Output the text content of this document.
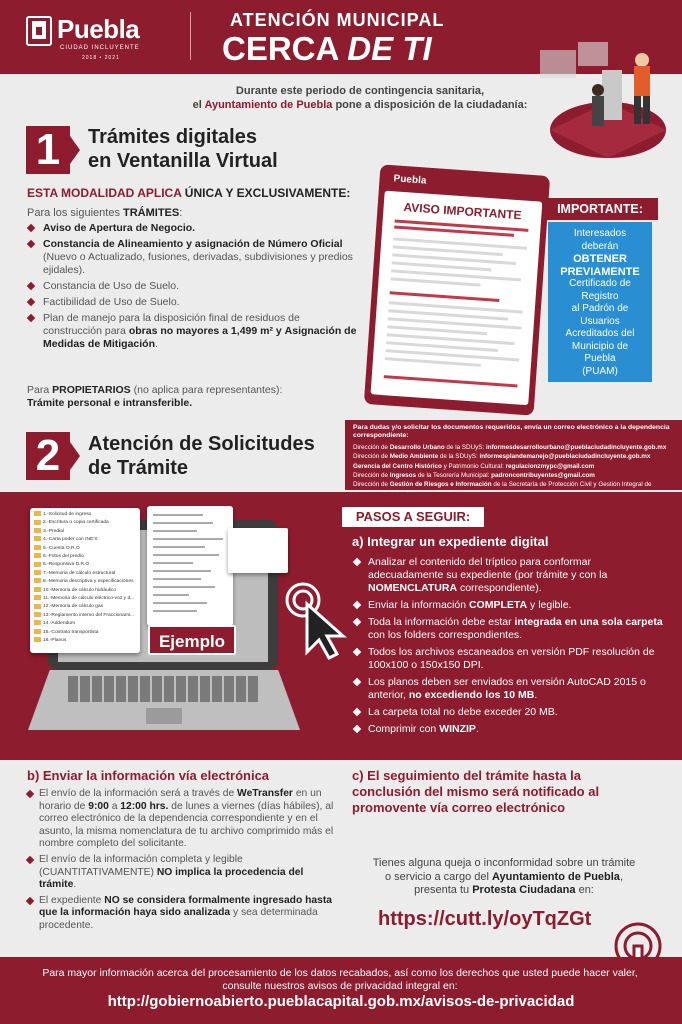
Puebla
CIUDAD INCLUYENTE
2018 • 2021
ATENCIÓN MUNICIPAL
CERCA DE TI
Durante este periodo de contingencia sanitaria,
el Ayuntamiento de Puebla pone a disposición de la ciudadanía:
1	Trámites digitales
en Ventanilla Virtual
ESTA MODALIDAD APLICA ÚNICA Y EXCLUSIVAMENTE:
Para los siguientes TRÁMITES:
Aviso de Apertura de Negocio.
Constancia de Alineamiento y asignación de Número Oficial
(Nuevo o Actualizado, fusiones, derivadas, subdivisiones y predios ejidales).
Constancia de Uso de Suelo.
Factibilidad de Uso de Suelo.
Plan de manejo para la disposición final de residuos de construcción para obras no mayores a 1,499 m² y Asignación de Medidas de Mitigación.
Para PROPIETARIOS (no aplica para representantes):
Trámite personal e intransferible.
Puebla
AVISO IMPORTANTE	IMPORTANTE:
Interesados
deberán
OBTENER
PREVIAMENTE
Certificado de
Registro
al Padrón de
Usuarios
Acreditados del
Municipio de
Puebla
(PUAM)
2	Atención de Solicitudes
de Trámite

Para dudas y/o solicitar los documentos requeridos, envía un correo electrónico a la dependencia correspondiente:

Dirección de Desarrollo Urbano de la SDUyS: informesdesarrollourbano@puebIaciudadincluyente.gob.mx

Dirección de Medio Ambiente de la SDUyS: informesplandemanejo@puebIaciudadincluyente.gob.mx

Gerencia del Centro Histórico y Patrimonio Cultural: regulacionzmypc@gmail.com

Dirección de Ingresos de la Tesorería Municipal: padroncontribuyentes@gmail.com

Dirección de Gestión de Riesgos e Información de la Secretaría de Protección Civil y Gestión Integral de

1.-Solicitud de ingreso
2.-Escritura o copia certificada
3.-Predial
4.-Carta poder con INE'S
5.-Cuenta O.R.O
6.-Fotos del predio
6.-Responsiva D.R.O
7.-Memoria de cálculo estructural
8.-Memoria descriptiva y especificaciones
10.-Memoria de cálculo hidráulico
11.-Memoria de cálculo eléctrico-voz y d...
12.-Memoria de cálculo gas
13.-Reglamento interno del Fraccionami...
14.-Addendum
15.-Contrato transportista
16.-Planos	Ejemplo
PASOS A SEGUIR:
a) Integrar un expediente digital
Analizar el contenido del tríptico para conformar adecuadamente su expediente (por trámite y con la NOMENCLATURA correspondiente).
Enviar la información COMPLETA y legible.
Toda la información debe estar integrada en una sola carpeta con los folders correspondientes.
Todos los archivos escaneados en versión PDF resolución de 100x100 o 150x150 DPI.
Los planos deben ser enviados en versión AutoCAD 2015 o anterior, no excediendo los 10 MB.
La carpeta total no debe exceder 20 MB.
Comprimir con WINZIP.
b) Enviar la información vía electrónica
El envío de la información será a través de WeTransfer en un horario de 9:00 a 12:00 hrs. de lunes a viernes (días hábiles), al correo electrónico de la dependencia correspondiente y en el asunto, la misma nomenclatura de tu archivo comprimido más el nombre completo del solicitante.
El envío de la información completa y legible (CUANTITATIVAMENTE) NO implica la procedencia del trámite.
El expediente NO se considera formalmente ingresado hasta que la información haya sido analizada y sea determinada procedente.
c) El seguimiento del trámite hasta la conclusión del mismo será notificado al promovente vía correo electrónico
Tienes alguna queja o inconformidad sobre un trámite
o servicio a cargo del Ayuntamiento de Puebla,
presenta tu Protesta Ciudadana en:
https://cutt.ly/oyTqZGt
Para mayor información acerca del procesamiento de los datos recabados, así como los derechos que usted puede hacer valer, consulte nuestros avisos de privacidad integral en:
http://gobiernoabierto.pueblacapital.gob.mx/avisos-de-privacidad
